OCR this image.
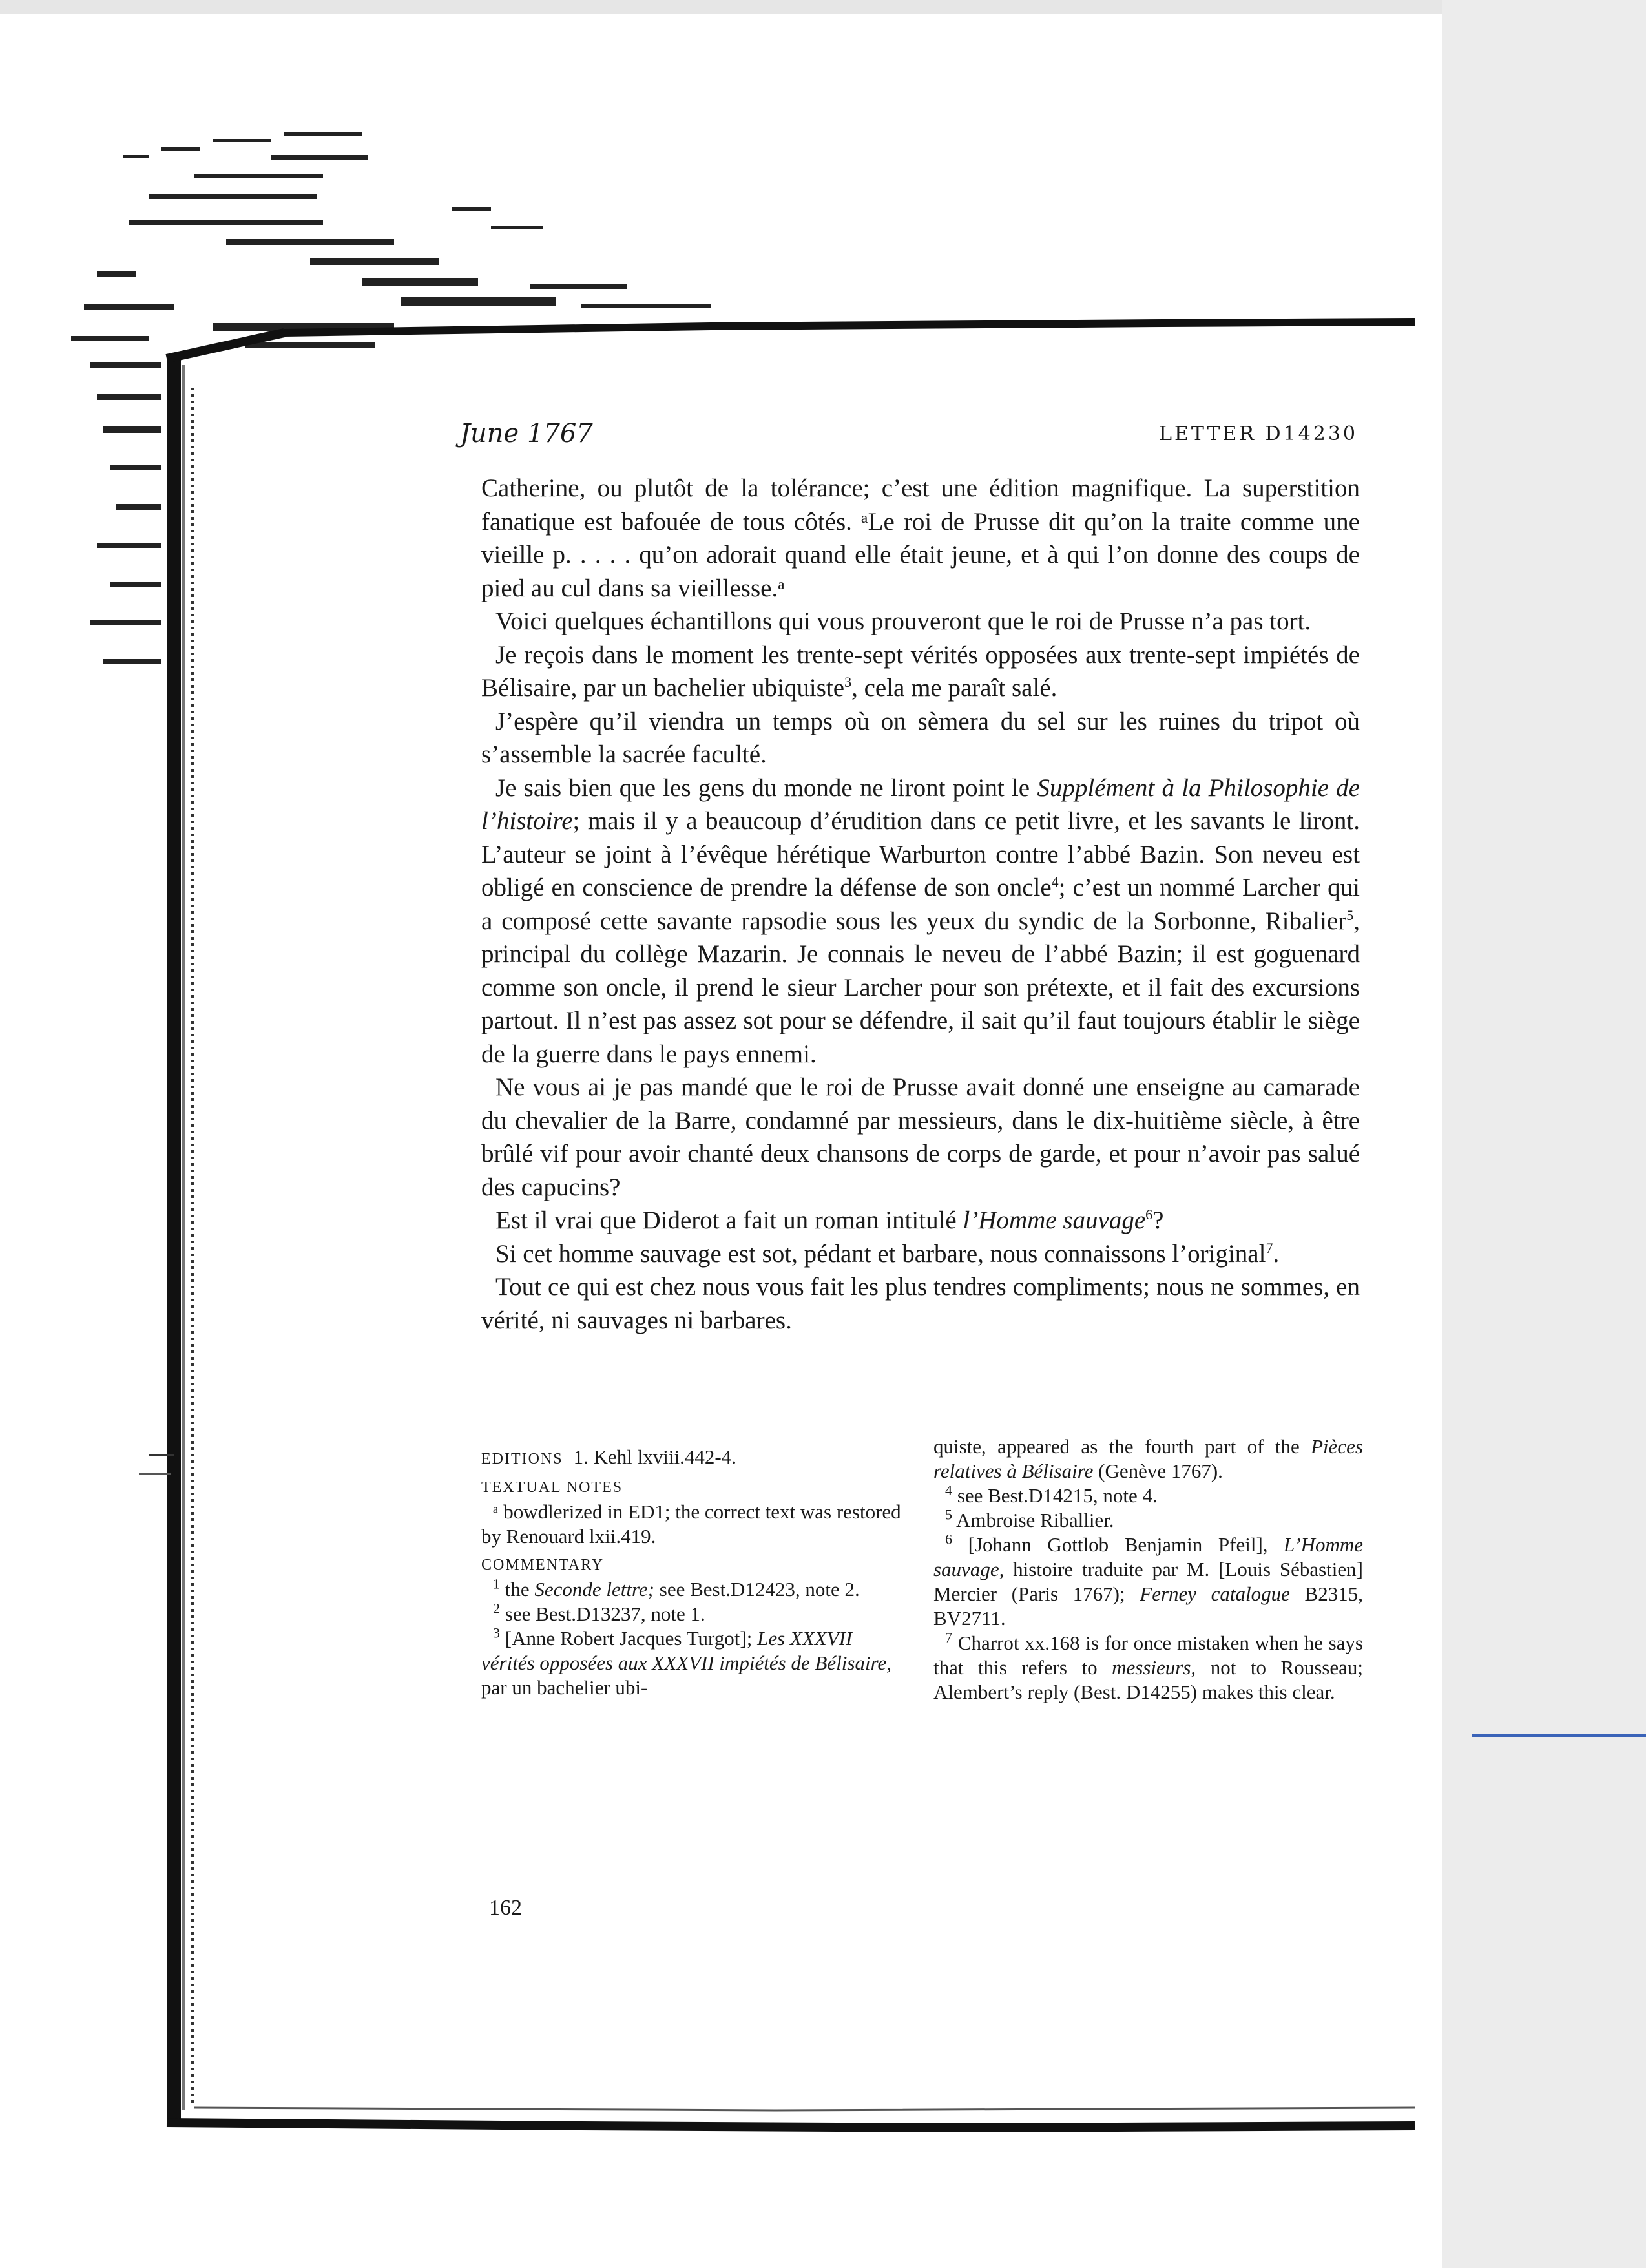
June 1767	LETTER D14230

Catherine, ou plutôt de la tolérance; c’est une édition magnifique. La superstition fanatique est bafouée de tous côtés. ᵃLe roi de Prusse dit qu’on la traite comme une vieille p. . . . . qu’on adorait quand elle était jeune, et à qui l’on donne des coups de pied au cul dans sa vieillesse.ᵃ

Voici quelques échantillons qui vous prouveront que le roi de Prusse n’a pas tort.

Je reçois dans le moment les trente-sept vérités opposées aux trente-sept impiétés de Bélisaire, par un bachelier ubiquiste$^3$, cela me paraît salé.

J’espère qu’il viendra un temps où on sèmera du sel sur les ruines du tripot où s’assemble la sacrée faculté.

Je sais bien que les gens du monde ne liront point le Supplément à la Philosophie de l’histoire; mais il y a beaucoup d’érudition dans ce petit livre, et les savants le liront. L’auteur se joint à l’évêque hérétique Warburton contre l’abbé Bazin. Son neveu est obligé en conscience de prendre la défense de son oncle$^4$; c’est un nommé Larcher qui a composé cette savante rapsodie sous les yeux du syndic de la Sorbonne, Ribalier$^5$, principal du collège Mazarin. Je connais le neveu de l’abbé Bazin; il est goguenard comme son oncle, il prend le sieur Larcher pour son prétexte, et il fait des excursions partout. Il n’est pas assez sot pour se défendre, il sait qu’il faut toujours établir le siège de la guerre dans le pays ennemi.

Ne vous ai je pas mandé que le roi de Prusse avait donné une enseigne au camarade du chevalier de la Barre, condamné par messieurs, dans le dix-huitième siècle, à être brûlé vif pour avoir chanté deux chansons de corps de garde, et pour n’avoir pas salué des capucins?

Est il vrai que Diderot a fait un roman intitulé l’Homme sauvage$^6$?

Si cet homme sauvage est sot, pédant et barbare, nous connaissons l’original$^7$.

Tout ce qui est chez nous vous fait les plus tendres compliments; nous ne sommes, en vérité, ni sauvages ni barbares.

EDITIONS 1. Kehl lxviii.442-4.

TEXTUAL NOTES

ᵃ bowdlerized in ED1; the correct text was restored by Renouard lxii.419.

COMMENTARY

$^1$ the Seconde lettre; see Best.D12423, note 2.

$^2$ see Best.D13237, note 1.

$^3$ [Anne Robert Jacques Turgot]; Les XXXVII vérités opposées aux XXXVII impiétés de Bélisaire, par un bachelier ubi-

quiste, appeared as the fourth part of the Pièces relatives à Bélisaire (Genève 1767).

$^4$ see Best.D14215, note 4.

$^5$ Ambroise Riballier.

$^6$ [Johann Gottlob Benjamin Pfeil], L’Homme sauvage, histoire traduite par M. [Louis Sébastien] Mercier (Paris 1767); Ferney catalogue B2315, BV2711.

$^7$ Charrot xx.168 is for once mistaken when he says that this refers to messieurs, not to Rousseau; Alembert’s reply (Best. D14255) makes this clear.

162
